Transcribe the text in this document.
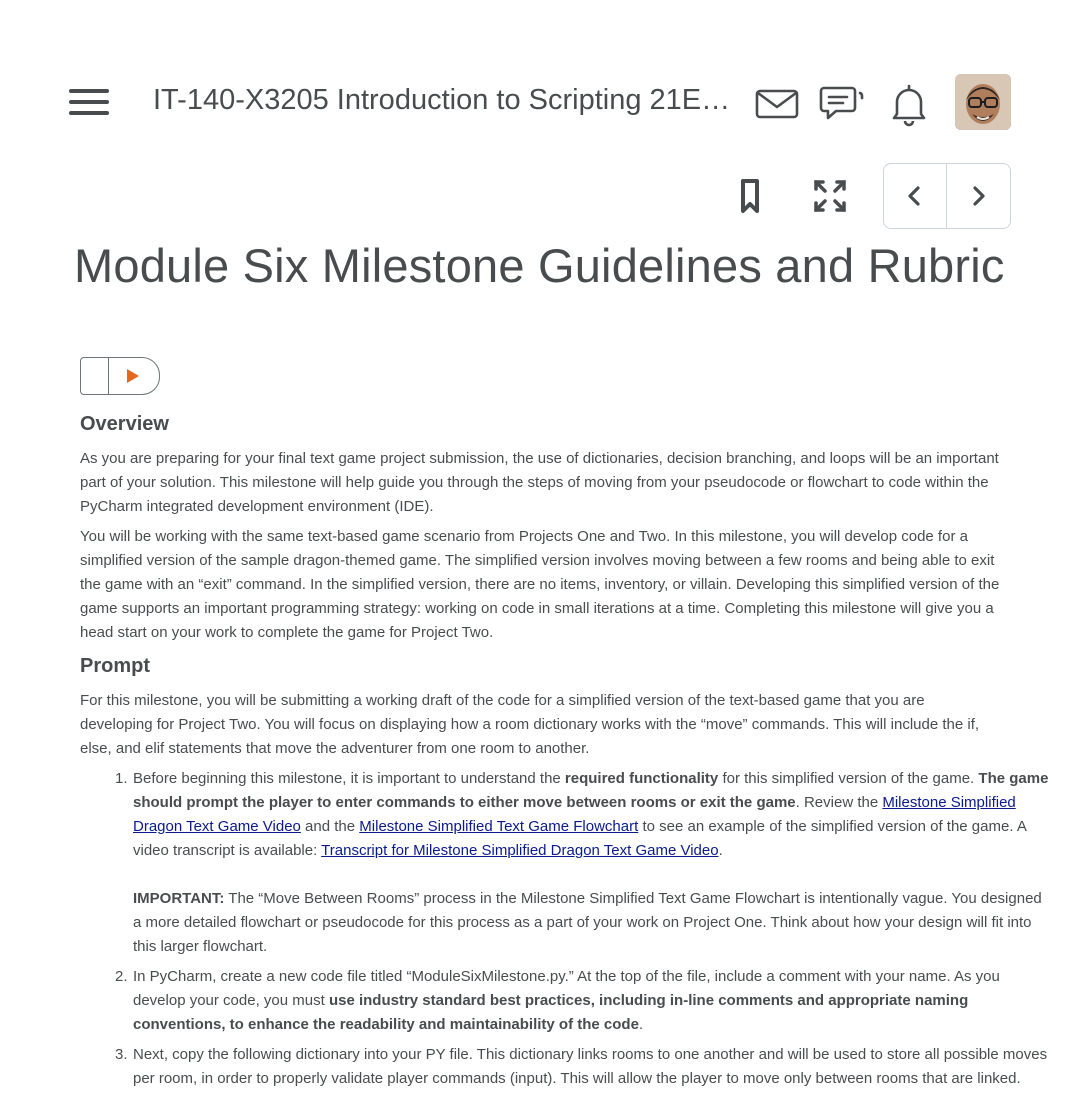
IT-140-X3205 Introduction to Scripting 21E…
Module Six Milestone Guidelines and Rubric
Overview

As you are preparing for your final text game project submission, the use of dictionaries, decision branching, and loops will be an important part of your solution. This milestone will help guide you through the steps of moving from your pseudocode or flowchart to code within the PyCharm integrated development environment (IDE).

You will be working with the same text-based game scenario from Projects One and Two. In this milestone, you will develop code for a simplified version of the sample dragon-themed game. The simplified version involves moving between a few rooms and being able to exit the game with an “exit” command. In the simplified version, there are no items, inventory, or villain. Developing this simplified version of the game supports an important programming strategy: working on code in small iterations at a time. Completing this milestone will give you a head start on your work to complete the game for Project Two.

Prompt

For this milestone, you will be submitting a working draft of the code for a simplified version of the text-based game that you are developing for Project Two. You will focus on displaying how a room dictionary works with the “move” commands. This will include the if, else, and elif statements that move the adventurer from one room to another.

1. Before beginning this milestone, it is important to understand the required functionality for this simplified version of the game. The game should prompt the player to enter commands to either move between rooms or exit the game. Review the Milestone Simplified Dragon Text Game Video and the Milestone Simplified Text Game Flowchart to see an example of the simplified version of the game. A video transcript is available: Transcript for Milestone Simplified Dragon Text Game Video.
IMPORTANT: The “Move Between Rooms” process in the Milestone Simplified Text Game Flowchart is intentionally vague. You designed a more detailed flowchart or pseudocode for this process as a part of your work on Project One. Think about how your design will fit into this larger flowchart.
2. In PyCharm, create a new code file titled “ModuleSixMilestone.py.” At the top of the file, include a comment with your name. As you develop your code, you must use industry standard best practices, including in-line comments and appropriate naming conventions, to enhance the readability and maintainability of the code.
3. Next, copy the following dictionary into your PY file. This dictionary links rooms to one another and will be used to store all possible moves per room, in order to properly validate player commands (input). This will allow the player to move only between rooms that are linked.
